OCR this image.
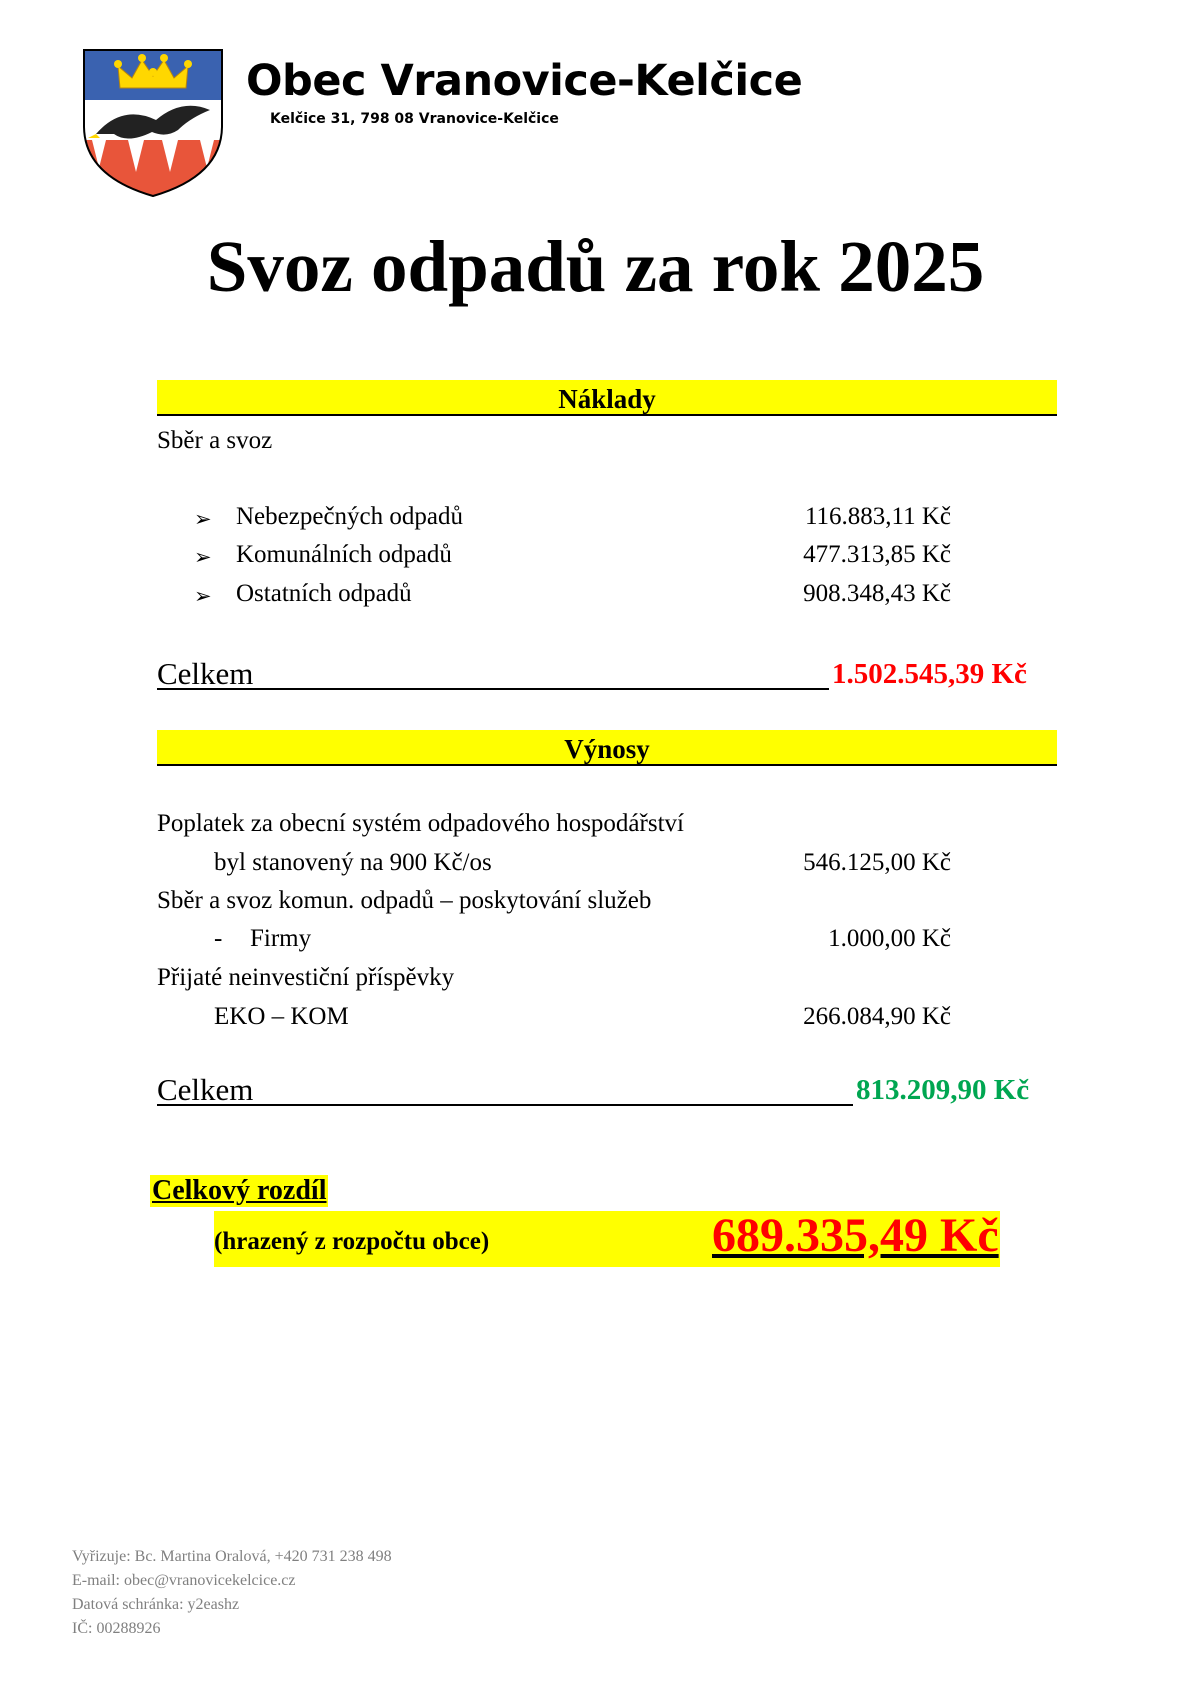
Obec Vranovice-Kelčice
Kelčice 31, 798 08 Vranovice-Kelčice
Svoz odpadů za rok 2025
Náklady
Sběr a svoz
➢ Nebezpečných odpadů	116.883,11 Kč
➢ Komunálních odpadů	477.313,85 Kč
➢ Ostatních odpadů	908.348,43 Kč
Celkem	1.502.545,39 Kč
Výnosy
Poplatek za obecní systém odpadového hospodářství
byl stanovený na 900 Kč/os	546.125,00 Kč
Sběr a svoz komun. odpadů – poskytování služeb
- Firmy	1.000,00 Kč
Přijaté neinvestiční příspěvky
EKO – KOM	266.084,90 Kč
Celkem	813.209,90 Kč
Celkový rozdíl
(hrazený z rozpočtu obce)	689.335,49 Kč
Vyřizuje: Bc. Martina Oralová, +420 731 238 498
E-mail: obec@vranovicekelcice.cz
Datová schránka: y2eashz
IČ: 00288926
